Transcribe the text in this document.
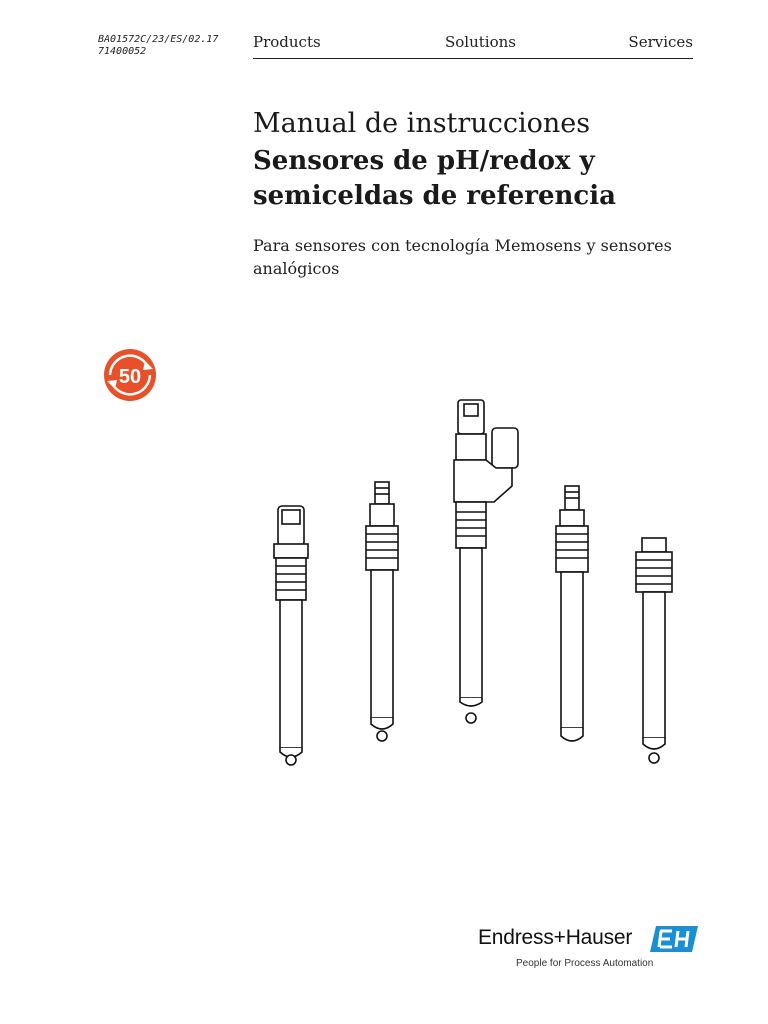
BA01572C/23/ES/02.17
71400052
Products	Solutions	Services
Manual de instrucciones
Sensores de pH/redox y semiceldas de referencia
Para sensores con tecnología Memosens y sensores analógicos
50
Endress+Hauser
People for Process Automation
